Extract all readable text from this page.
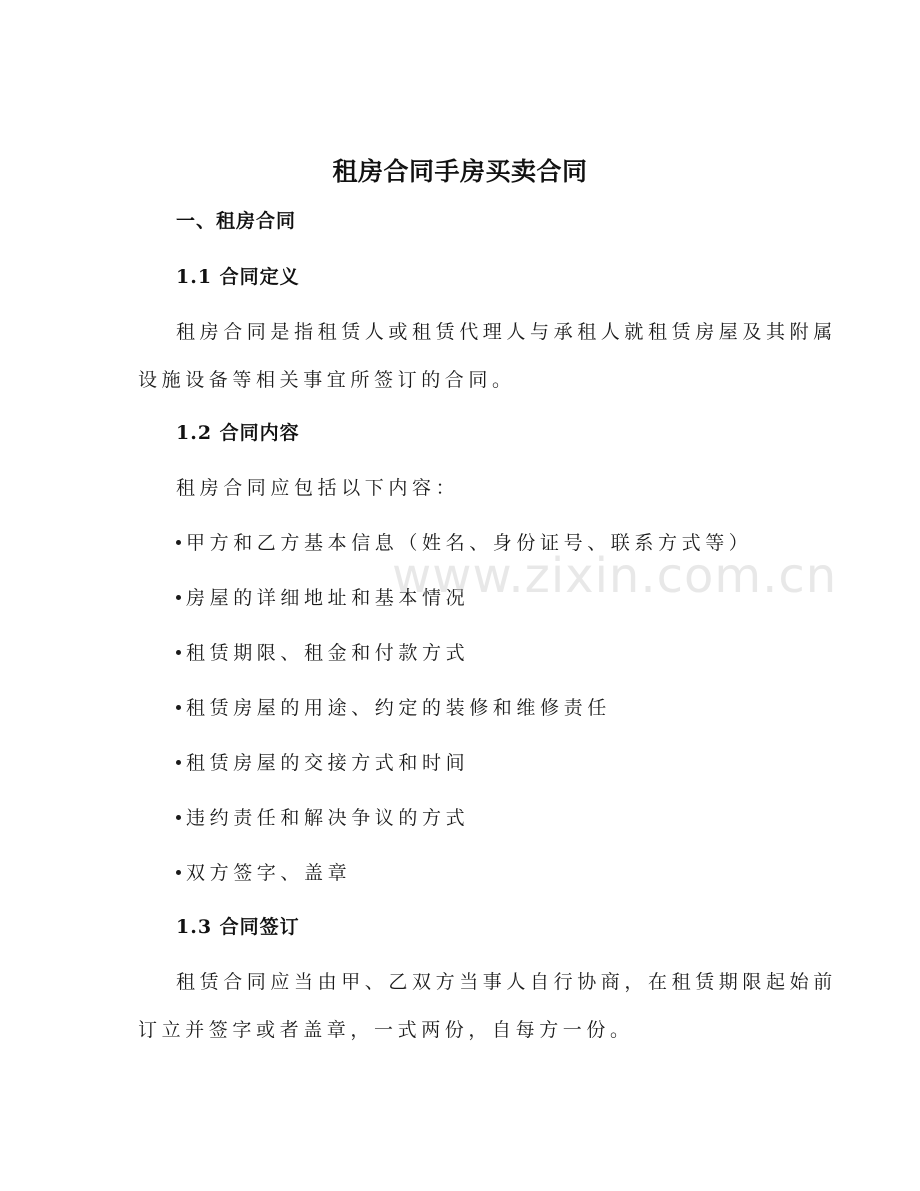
租房合同手房买卖合同
一、租房合同
1.1 合同定义
租房合同是指租赁人或租赁代理人与承租人就租赁房屋及其附属
设施设备等相关事宜所签订的合同。
1.2 合同内容
租房合同应包括以下内容：
甲方和乙方基本信息（姓名、身份证号、联系方式等）
房屋的详细地址和基本情况
租赁期限、租金和付款方式
租赁房屋的用途、约定的装修和维修责任
租赁房屋的交接方式和时间
违约责任和解决争议的方式
双方签字、盖章
1.3 合同签订
租赁合同应当由甲、乙双方当事人自行协商，在租赁期限起始前
订立并签字或者盖章，一式两份，自每方一份。
www.zixin.com.cn
